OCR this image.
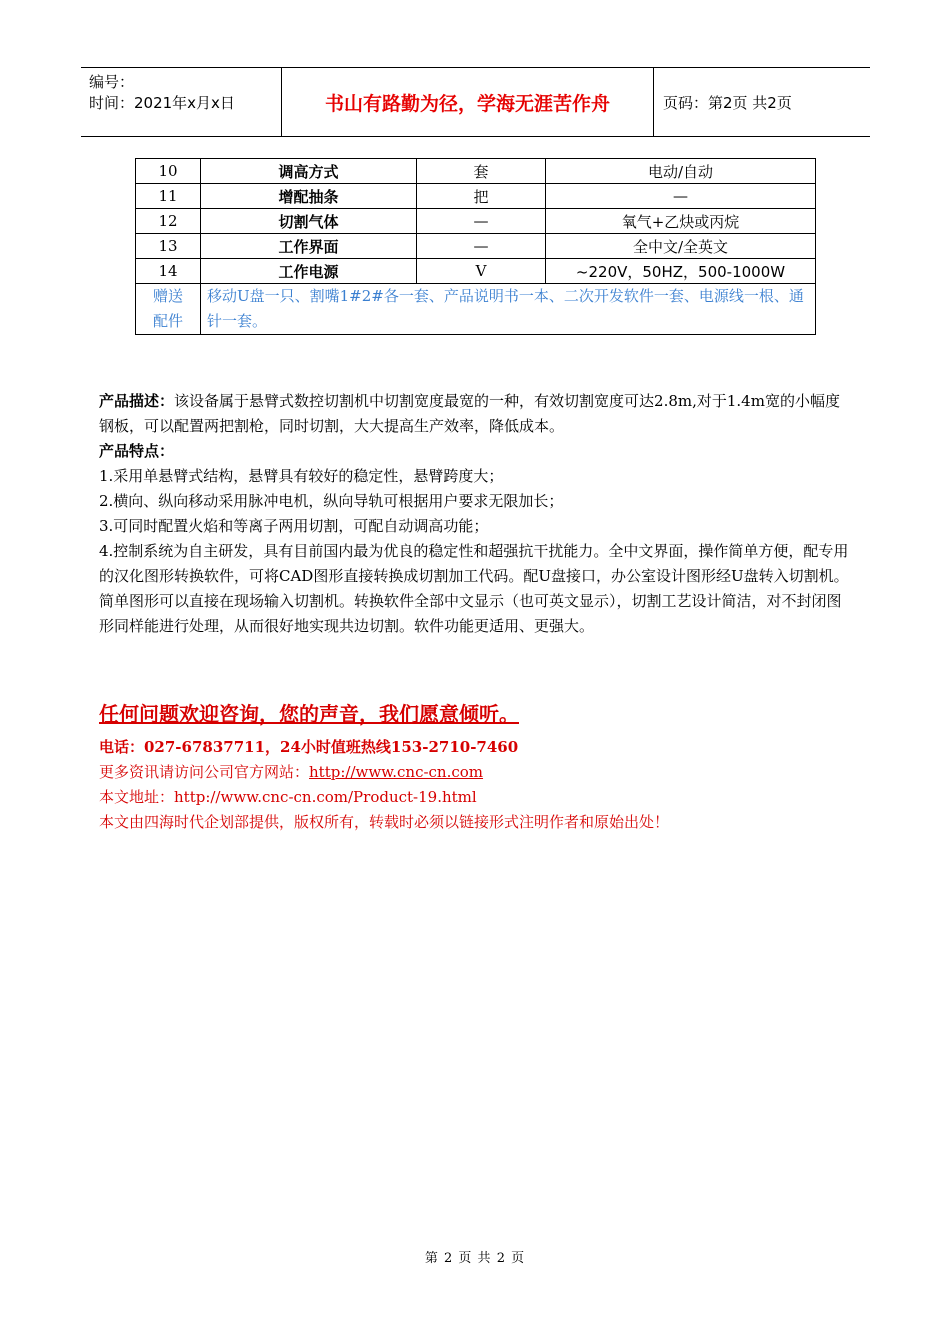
编号：
时间：2021年x月x日	书山有路勤为径，学海无涯苦作舟	页码：第2页 共2页
10	调高方式	套	电动/自动
11	增配抽条	把	—
12	切割气体	—	氧气+乙炔或丙烷
13	工作界面	—	全中文/全英文
14	工作电源	V	~220V，50HZ，500-1000W

赠送
配件	移动U盘一只、割嘴1#2#各一套、产品说明书一本、二次开发软件一套、电源线一根、通针一套。		

产品描述：该设备属于悬臂式数控切割机中切割宽度最宽的一种，有效切割宽度可达2.8m,对于1.4m宽的小幅度钢板，可以配置两把割枪，同时切割，大大提高生产效率，降低成本。

产品特点：

1.采用单悬臂式结构，悬臂具有较好的稳定性，悬臂跨度大；

2.横向、纵向移动采用脉冲电机，纵向导轨可根据用户要求无限加长；

3.可同时配置火焰和等离子两用切割，可配自动调高功能；

4.控制系统为自主研发，具有目前国内最为优良的稳定性和超强抗干扰能力。全中文界面，操作简单方便，配专用的汉化图形转换软件，可将CAD图形直接转换成切割加工代码。配U盘接口，办公室设计图形经U盘转入切割机。简单图形可以直接在现场输入切割机。转换软件全部中文显示（也可英文显示），切割工艺设计简洁，对不封闭图形同样能进行处理，从而很好地实现共边切割。软件功能更适用、更强大。

任何问题欢迎咨询，您的声音，我们愿意倾听。

电话：027-67837711，24小时值班热线153-2710-7460

更多资讯请访问公司官方网站：http://www.cnc-cn.com

本文地址：http://www.cnc-cn.com/Product-19.html

本文由四海时代企划部提供，版权所有，转载时必须以链接形式注明作者和原始出处！

第 2 页 共 2 页
